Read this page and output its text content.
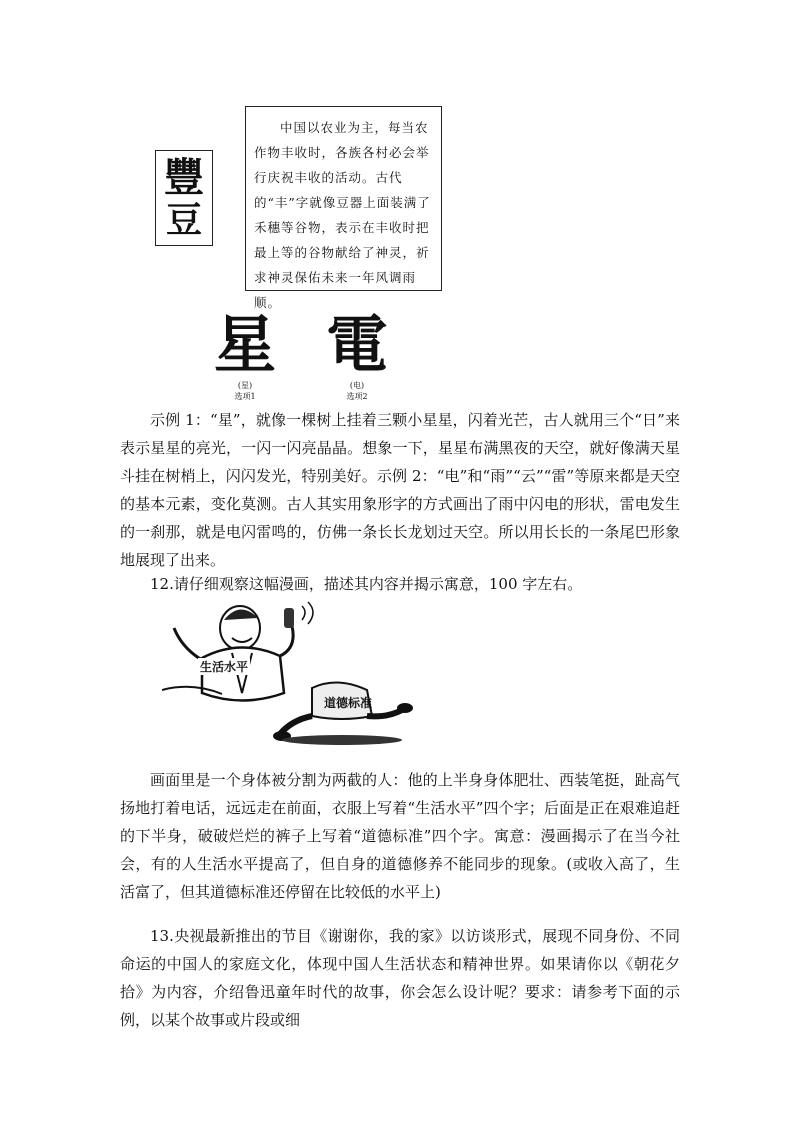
豐
豆

中国以农业为主，每当农作物丰收时，各族各村必会举行庆祝丰收的活动。古代的“丰”字就像豆器上面装满了禾穗等谷物，表示在丰收时把最上等的谷物献给了神灵，祈求神灵保佑未来一年风调雨顺。

星
(星)
选项1
電
(电)
选项2
示例 1：“星”，就像一棵树上挂着三颗小星星，闪着光芒，古人就用三个“日”来表示星星的亮光，一闪一闪亮晶晶。想象一下，星星布满黑夜的天空，就好像满天星斗挂在树梢上，闪闪发光，特别美好。示例 2：“电”和“雨”“云”“雷”等原来都是天空的基本元素，变化莫测。古人其实用象形字的方式画出了雨中闪电的形状，雷电发生的一刹那，就是电闪雷鸣的，仿佛一条长长龙划过天空。所以用长长的一条尾巴形象地展现了出来。
12.请仔细观察这幅漫画，描述其内容并揭示寓意，100 字左右。
生活水平
道德标准
画面里是一个身体被分割为两截的人：他的上半身身体肥壮、西装笔挺，趾高气扬地打着电话，远远走在前面，衣服上写着“生活水平”四个字；后面是正在艰难追赶的下半身，破破烂烂的裤子上写着“道德标准”四个字。寓意：漫画揭示了在当今社会，有的人生活水平提高了，但自身的道德修养不能同步的现象。(或收入高了，生活富了，但其道德标准还停留在比较低的水平上)
13.央视最新推出的节目《谢谢你，我的家》以访谈形式，展现不同身份、不同命运的中国人的家庭文化，体现中国人生活状态和精神世界。如果请你以《朝花夕拾》为内容，介绍鲁迅童年时代的故事，你会怎么设计呢？要求：请参考下面的示例，以某个故事或片段或细
